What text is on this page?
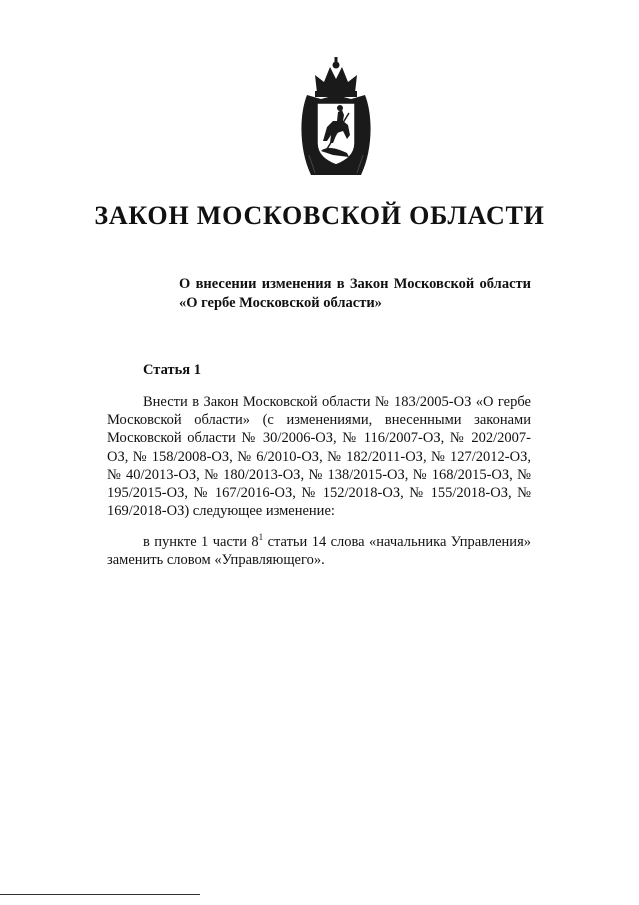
ЗАКОН МОСКОВСКОЙ ОБЛАСТИ
О внесении изменения в Закон Московской области «О гербе Московской области»
Статья 1

Внести в Закон Московской области № 183/2005-ОЗ «О гербе Московской области» (с изменениями, внесенными законами Московской области № 30/2006-ОЗ, № 116/2007-ОЗ, № 202/2007-ОЗ, № 158/2008-ОЗ, № 6/2010-ОЗ, № 182/2011-ОЗ, № 127/2012-ОЗ, № 40/2013-ОЗ, № 180/2013-ОЗ, № 138/2015-ОЗ, № 168/2015-ОЗ, № 195/2015-ОЗ, № 167/2016-ОЗ, № 152/2018-ОЗ, № 155/2018-ОЗ, № 169/2018-ОЗ) следующее изменение:

в пункте 1 части $8^1$ статьи 14 слова «начальника Управления» заменить словом «Управляющего».
